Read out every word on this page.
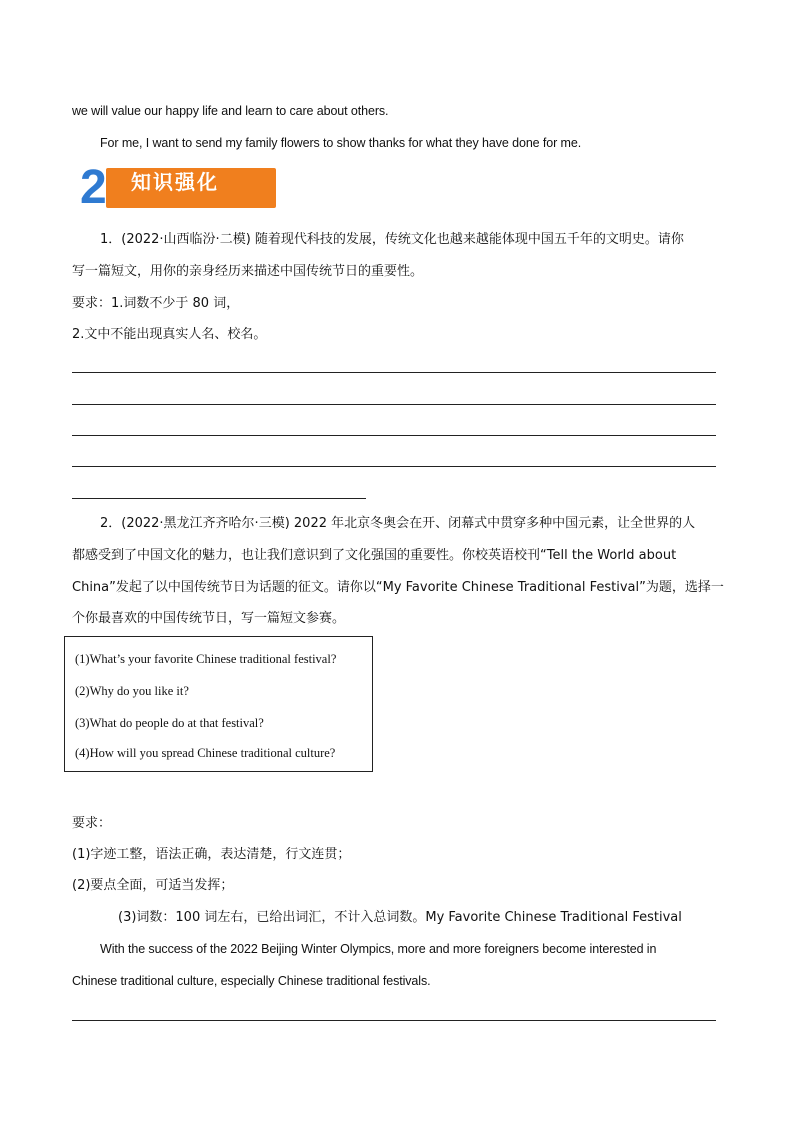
we will value our happy life and learn to care about others.
For me, I want to send my family flowers to show thanks for what they have done for me.
2	知识强化
1．(2022·山西临汾·二模) 随着现代科技的发展，传统文化也越来越能体现中国五千年的文明史。请你
写一篇短文，用你的亲身经历来描述中国传统节日的重要性。
要求：1.词数不少于 80 词，
2.文中不能出现真实人名、校名。
2．(2022·黑龙江齐齐哈尔·三模) 2022 年北京冬奥会在开、闭幕式中贯穿多种中国元素，让全世界的人
都感受到了中国文化的魅力，也让我们意识到了文化强国的重要性。你校英语校刊“Tell the World about
China”发起了以中国传统节日为话题的征文。请你以“My Favorite Chinese Traditional Festival”为题，选择一
个你最喜欢的中国传统节日，写一篇短文参赛。
(1)What’s your favorite Chinese traditional festival?
(2)Why do you like it?
(3)What do people do at that festival?
(4)How will you spread Chinese traditional culture?
要求：
(1)字迹工整，语法正确，表达清楚，行文连贯；
(2)要点全面，可适当发挥；
(3)词数：100 词左右，已给出词汇，不计入总词数。My Favorite Chinese Traditional Festival
With the success of the 2022 Beijing Winter Olympics, more and more foreigners become interested in
Chinese traditional culture, especially Chinese traditional festivals.
